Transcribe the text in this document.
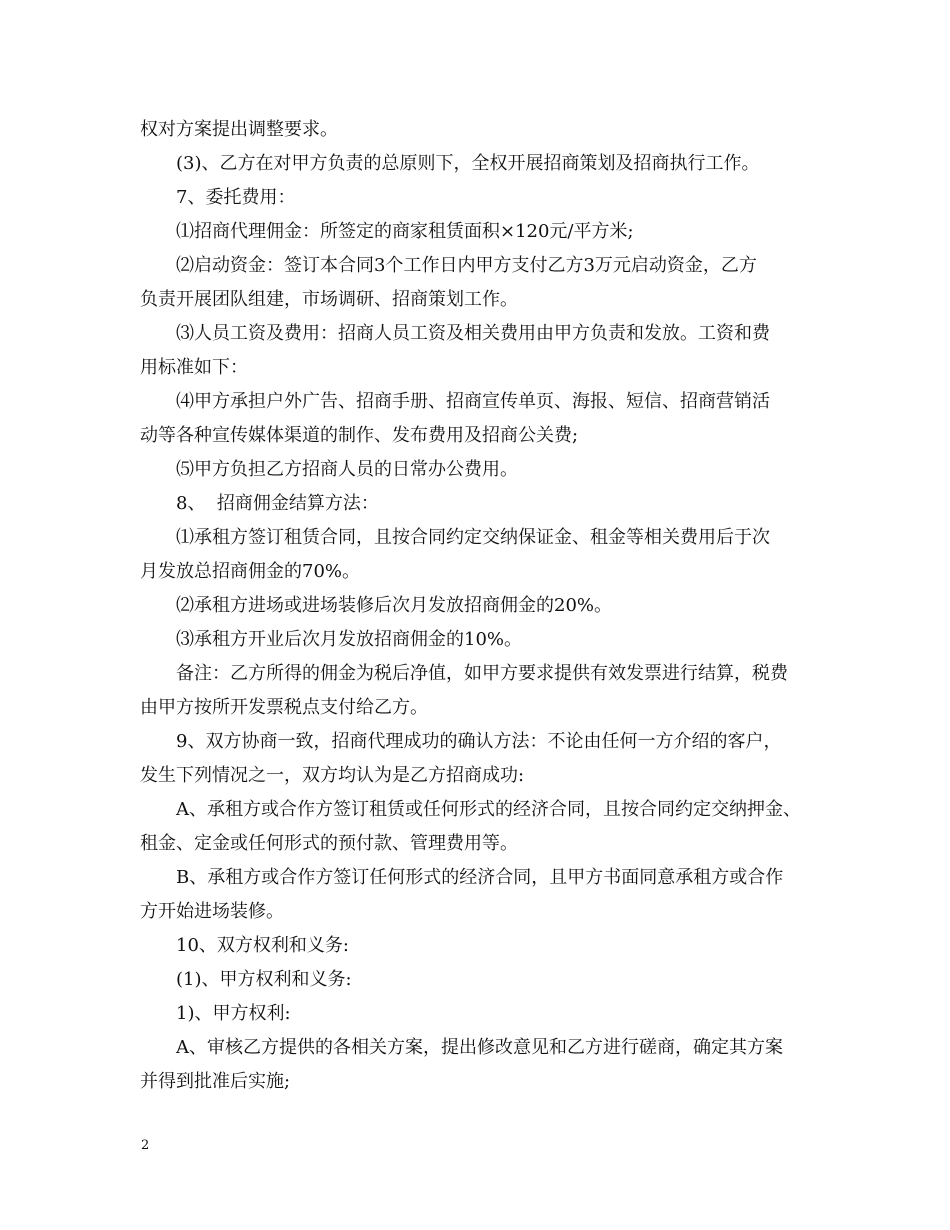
权对方案提出调整要求。
(3)、乙方在对甲方负责的总原则下，全权开展招商策划及招商执行工作。
7、委托费用：
⑴招商代理佣金：所签定的商家租赁面积×120元/平方米;
⑵启动资金：签订本合同3个工作日内甲方支付乙方3万元启动资金，乙方
负责开展团队组建，市场调研、招商策划工作。
⑶人员工资及费用：招商人员工资及相关费用由甲方负责和发放。工资和费
用标准如下：
⑷甲方承担户外广告、招商手册、招商宣传单页、海报、短信、招商营销活
动等各种宣传媒体渠道的制作、发布费用及招商公关费;
⑸甲方负担乙方招商人员的日常办公费用。
8、  招商佣金结算方法：
⑴承租方签订租赁合同，且按合同约定交纳保证金、租金等相关费用后于次
月发放总招商佣金的70%。
⑵承租方进场或进场装修后次月发放招商佣金的20%。
⑶承租方开业后次月发放招商佣金的10%。
备注：乙方所得的佣金为税后净值，如甲方要求提供有效发票进行结算，税费
由甲方按所开发票税点支付给乙方。
9、双方协商一致，招商代理成功的确认方法：不论由任何一方介绍的客户，
发生下列情况之一，双方均认为是乙方招商成功:
A、承租方或合作方签订租赁或任何形式的经济合同，且按合同约定交纳押金、
租金、定金或任何形式的预付款、管理费用等。
B、承租方或合作方签订任何形式的经济合同，且甲方书面同意承租方或合作
方开始进场装修。
10、双方权利和义务:
(1)、甲方权利和义务:
1)、甲方权利:
A、审核乙方提供的各相关方案，提出修改意见和乙方进行磋商，确定其方案
并得到批准后实施;
2
